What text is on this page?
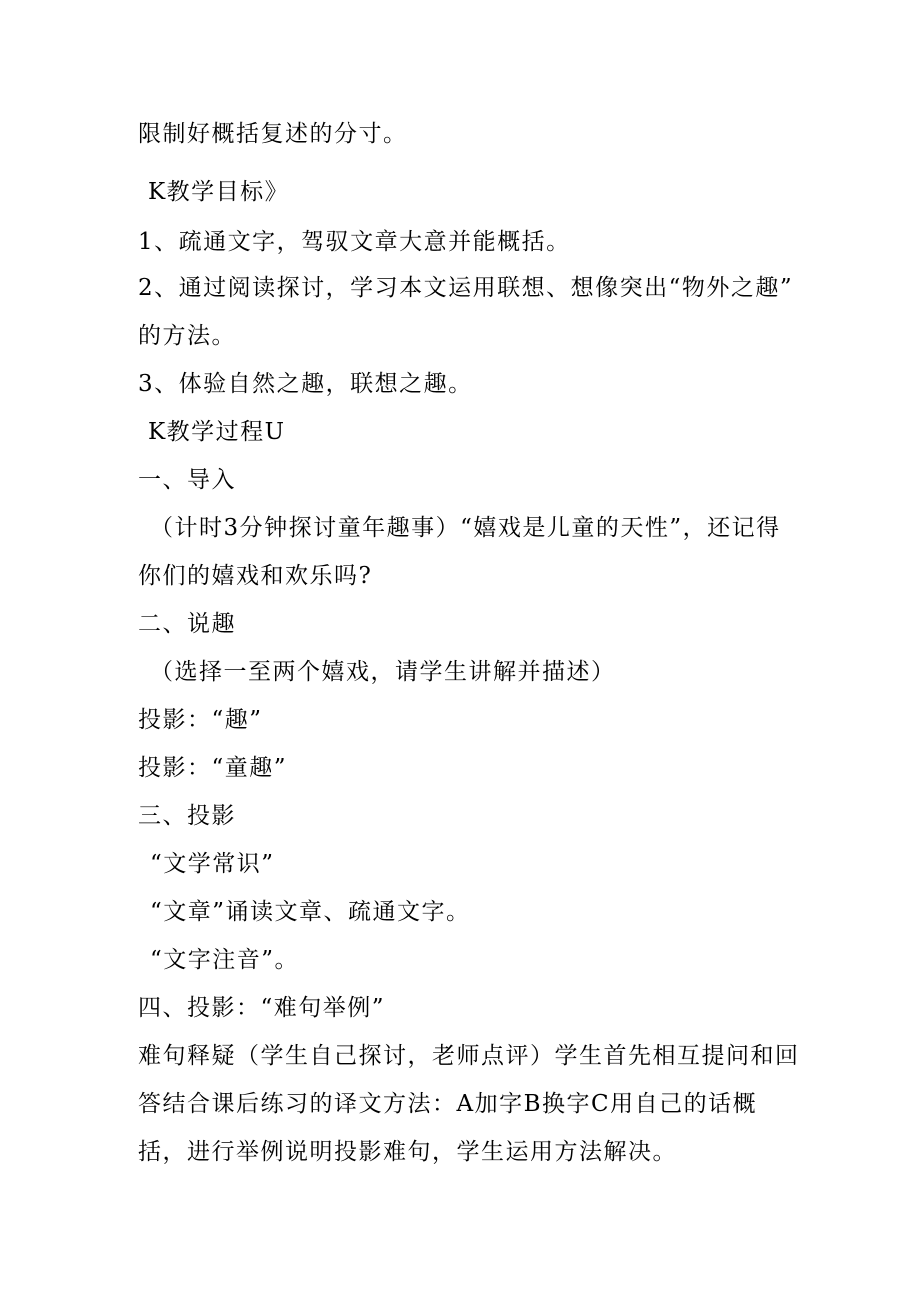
限制好概括复述的分寸。
K教学目标》
1、疏通文字，驾驭文章大意并能概括。
2、通过阅读探讨，学习本文运用联想、想像突出“物外之趣”
的方法。
3、体验自然之趣，联想之趣。
K教学过程U
一、导入
（计时3分钟探讨童年趣事）“嬉戏是儿童的天性”，还记得
你们的嬉戏和欢乐吗?
二、说趣
（选择一至两个嬉戏，请学生讲解并描述）
投影：“趣”
投影：“童趣”
三、投影
“文学常识”
“文章”诵读文章、疏通文字。
“文字注音”。
四、投影：“难句举例”
难句释疑（学生自己探讨，老师点评）学生首先相互提问和回
答结合课后练习的译文方法：A加字B换字C用自己的话概
括，进行举例说明投影难句，学生运用方法解决。
